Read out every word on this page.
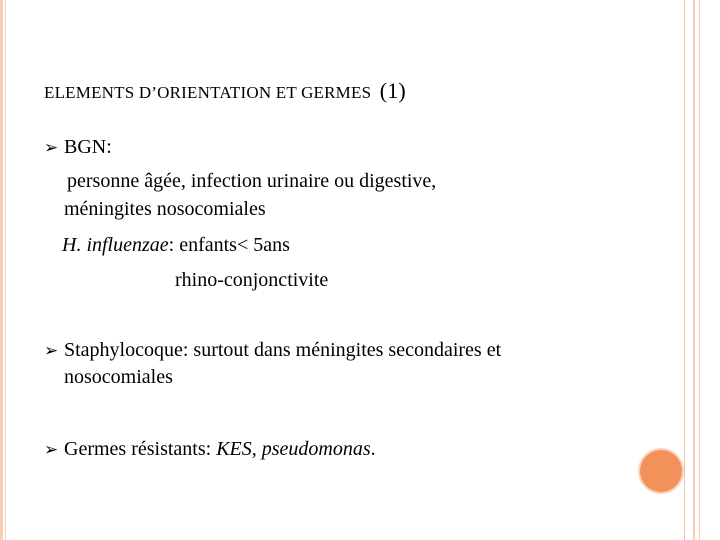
ELEMENTS D’ORIENTATION ET GERMES (1)
➢ BGN:
personne âgée, infection urinaire ou digestive,
méningites nosocomiales
H. influenzae: enfants< 5ans
rhino-conjonctivite
➢ Staphylocoque: surtout dans méningites secondaires et
nosocomiales
➢ Germes résistants: KES, pseudomonas.
